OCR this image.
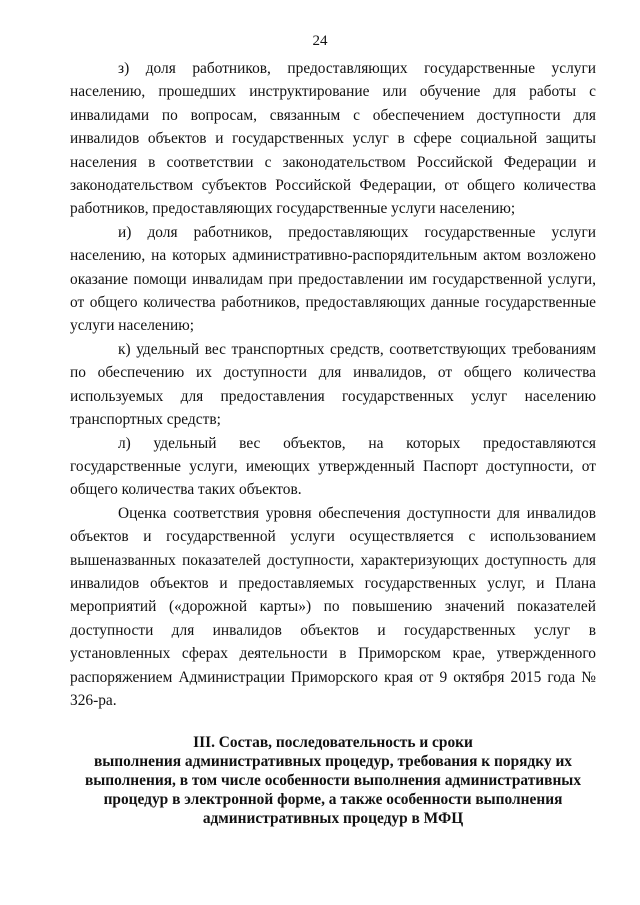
24

з) доля работников, предоставляющих государственные услуги населению, прошедших инструктирование или обучение для работы с инвалидами по вопросам, связанным с обеспечением доступности для инвалидов объектов и государственных услуг в сфере социальной защиты населения в соответствии с законодательством Российской Федерации и законодательством субъектов Российской Федерации, от общего количества работников, предоставляющих государственные услуги населению;

и) доля работников, предоставляющих государственные услуги населению, на которых административно-распорядительным актом возложено оказание помощи инвалидам при предоставлении им государственной услуги, от общего количества работников, предоставляющих данные государственные услуги населению;

к) удельный вес транспортных средств, соответствующих требованиям по обеспечению их доступности для инвалидов, от общего количества используемых для предоставления государственных услуг населению транспортных средств;

л) удельный вес объектов, на которых предоставляются государственные услуги, имеющих утвержденный Паспорт доступности, от общего количества таких объектов.

Оценка соответствия уровня обеспечения доступности для инвалидов объектов и государственной услуги осуществляется с использованием вышеназванных показателей доступности, характеризующих доступность для инвалидов объектов и предоставляемых государственных услуг, и Плана мероприятий («дорожной карты») по повышению значений показателей доступности для инвалидов объектов и государственных услуг в установленных сферах деятельности в Приморском крае, утвержденного распоряжением Администрации Приморского края от 9 октября 2015 года № 326-ра.

III. Состав, последовательность и сроки
выполнения административных процедур, требования к порядку их
выполнения, в том числе особенности выполнения административных
процедур в электронной форме, а также особенности выполнения
административных процедур в МФЦ
